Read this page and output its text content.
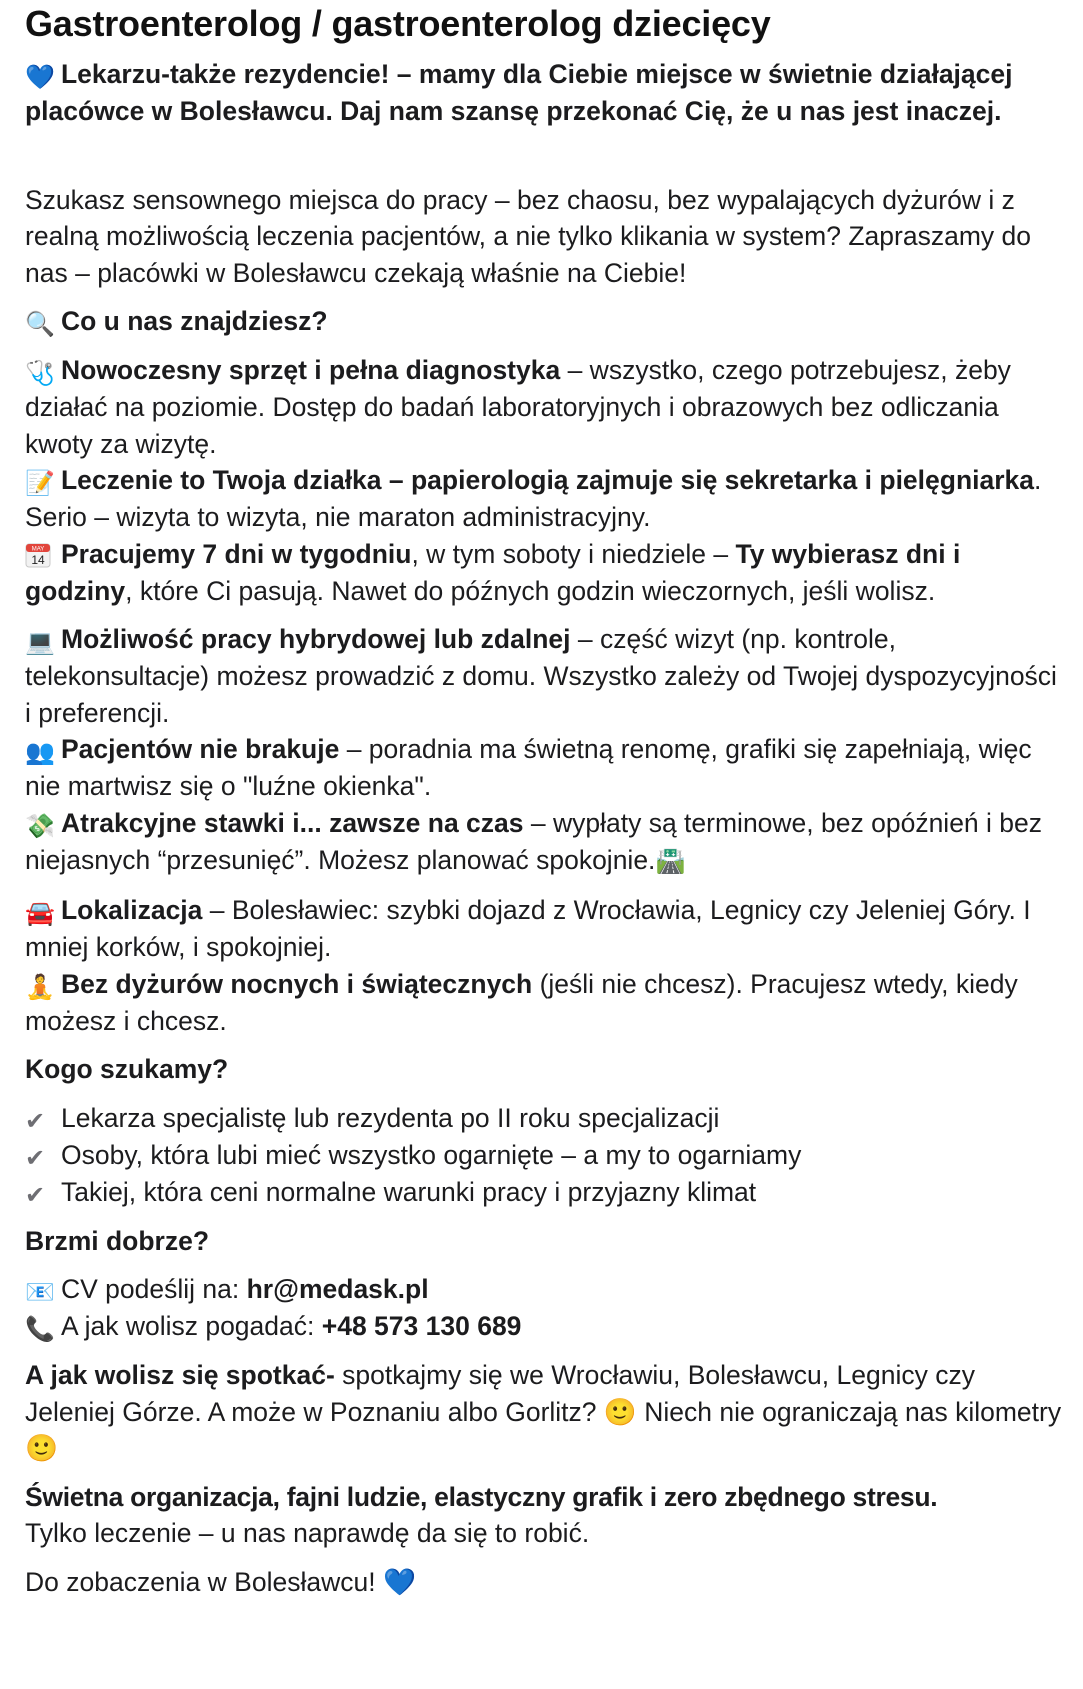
Gastroenterolog / gastroenterolog dziecięcy

💙 Lekarzu-także rezydencie! – mamy dla Ciebie miejsce w świetnie działającej placówce w Bolesławcu. Daj nam szansę przekonać Cię, że u nas jest inaczej.

Szukasz sensownego miejsca do pracy – bez chaosu, bez wypalających dyżurów i z realną możliwością leczenia pacjentów, a nie tylko klikania w system? Zapraszamy do nas – placówki w Bolesławcu czekają właśnie na Ciebie!

🔍 Co u nas znajdziesz?

🩺 Nowoczesny sprzęt i pełna diagnostyka – wszystko, czego potrzebujesz, żeby działać na poziomie. Dostęp do badań laboratoryjnych i obrazowych bez odliczania kwoty za wizytę.

📝 Leczenie to Twoja działka – papierologią zajmuje się sekretarka i pielęgniarka. Serio – wizyta to wizyta, nie maraton administracyjny.

MAY
14 Pracujemy 7 dni w tygodniu, w tym soboty i niedziele – Ty wybierasz dni i godziny, które Ci pasują. Nawet do późnych godzin wieczornych, jeśli wolisz.

💻 Możliwość pracy hybrydowej lub zdalnej – część wizyt (np. kontrole, telekonsultacje) możesz prowadzić z domu. Wszystko zależy od Twojej dyspozycyjności i preferencji.

👥 Pacjentów nie brakuje – poradnia ma świetną renomę, grafiki się zapełniają, więc nie martwisz się o "luźne okienka".

💸 Atrakcyjne stawki i... zawsze na czas – wypłaty są terminowe, bez opóźnień i bez niejasnych “przesunięć”. Możesz planować spokojnie.🛣️

🚘 Lokalizacja – Bolesławiec: szybki dojazd z Wrocławia, Legnicy czy Jeleniej Góry. I mniej korków, i spokojniej.

🧘 Bez dyżurów nocnych i świątecznych (jeśli nie chcesz). Pracujesz wtedy, kiedy możesz i chcesz.

Kogo szukamy?

✔ Lekarza specjalistę lub rezydenta po II roku specjalizacji

✔ Osoby, która lubi mieć wszystko ogarnięte – a my to ogarniamy

✔ Takiej, która ceni normalne warunki pracy i przyjazny klimat

Brzmi dobrze?

📧 CV podeślij na: hr@medask.pl

📞 A jak wolisz pogadać: +48 573 130 689

A jak wolisz się spotkać- spotkajmy się we Wrocławiu, Bolesławcu, Legnicy czy Jeleniej Górze. A może w Poznaniu albo Gorlitz? 🙂 Niech nie ograniczają nas kilometry 🙂

Świetna organizacja, fajni ludzie, elastyczny grafik i zero zbędnego stresu.

Tylko leczenie – u nas naprawdę da się to robić.

Do zobaczenia w Bolesławcu! 💙
